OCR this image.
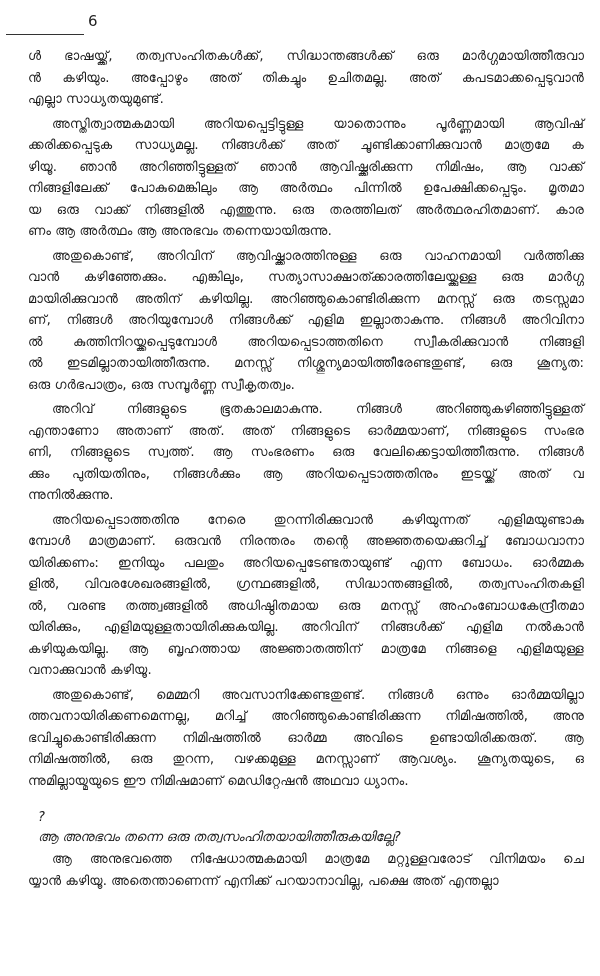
6
ൾ ഭാഷയ്ക്ക്, തത്വസംഹിതകൾക്ക്, സിദ്ധാന്തങ്ങൾക്ക് ഒരു മാർഗ്ഗമായിത്തീരുവാ
ൻ കഴിയും. അപ്പോഴും അത് തികച്ചും ഉചിതമല്ല. അത് കപടമാക്കപ്പെടുവാൻ
എല്ലാ സാധ്യതയുമുണ്ട്.
അസ്തിത്വാത്മകമായി അറിയപ്പെട്ടിട്ടുള്ള യാതൊന്നും പൂർണ്ണമായി ആവിഷ്
ക്കരിക്കപ്പെടുക സാധ്യമല്ല. നിങ്ങൾക്ക് അത് ചൂണ്ടിക്കാണിക്കുവാൻ മാത്രമേ ക
ഴിയൂ. ഞാൻ അറിഞ്ഞിട്ടുള്ളത് ഞാൻ ആവിഷ്ക്കരിക്കുന്ന നിമിഷം, ആ വാക്ക്
നിങ്ങളിലേക്ക് പോകുമെങ്കിലും ആ അർത്ഥം പിന്നിൽ ഉപേക്ഷിക്കപ്പെടും. മൃതമാ
യ ഒരു വാക്ക് നിങ്ങളിൽ എത്തുന്നു. ഒരു തരത്തിലത് അർത്ഥരഹിതമാണ്. കാര
ണം ആ അർത്ഥം ആ അനുഭവം തന്നെയായിരുന്നു.
അതുകൊണ്ട്, അറിവിന് ആവിഷ്ക്കാരത്തിനുള്ള ഒരു വാഹനമായി വർത്തിക്കു
വാൻ കഴിഞ്ഞേക്കും. എങ്കിലും, സത്യാസാക്ഷാത്ക്കാരത്തിലേയ്ക്കുള്ള ഒരു മാർഗ്ഗ
മായിരിക്കുവാൻ അതിന് കഴിയില്ല. അറിഞ്ഞുകൊണ്ടിരിക്കുന്ന മനസ്സ് ഒരു തടസ്സമാ
ണ്, നിങ്ങൾ അറിയുമ്പോൾ നിങ്ങൾക്ക് എളിമ ഇല്ലാതാകുന്നു. നിങ്ങൾ അറിവിനാ
ൽ കുത്തിനിറയ്ക്കപ്പെടുമ്പോൾ അറിയപ്പെടാത്തതിനെ സ്വീകരിക്കുവാൻ നിങ്ങളി
ൽ ഇടമില്ലാതായിത്തീരുന്നു. മനസ്സ് നിശ്ശൂന്യമായിത്തീരേണ്ടതുണ്ട്, ഒരു ശൂന്യത:
ഒരു ഗർഭപാത്രം, ഒരു സമ്പൂർണ്ണ സ്വീകൃതത്വം.
അറിവ് നിങ്ങളുടെ ഭൂതകാലമാകുന്നു. നിങ്ങൾ അറിഞ്ഞുകഴിഞ്ഞിട്ടുള്ളത്
എന്താണോ അതാണ് അത്. അത് നിങ്ങളുടെ ഓർമ്മയാണ്, നിങ്ങളുടെ സംഭര
ണി, നിങ്ങളുടെ സ്വത്ത്. ആ സംഭരണം ഒരു വേലിക്കെട്ടായിത്തീരുന്നു. നിങ്ങൾ
ക്കും പുതിയതിനും, നിങ്ങൾക്കും ആ അറിയപ്പെടാത്തതിനും ഇടയ്ക്ക് അത് വ
ന്നുനിൽക്കുന്നു.
അറിയപ്പെടാത്തതിനു നേരെ തുറന്നിരിക്കുവാൻ കഴിയുന്നത് എളിമയുണ്ടാകു
മ്പോൾ മാത്രമാണ്. ഒരുവൻ നിരന്തരം തന്റെ അജ്ഞതയെക്കുറിച്ച് ബോധവാനാ
യിരിക്കണം: ഇനിയും പലതും അറിയപ്പെടേണ്ടതായുണ്ട് എന്ന ബോധം. ഓർമ്മക
ളിൽ, വിവരശേഖരങ്ങളിൽ, ഗ്രന്ഥങ്ങളിൽ, സിദ്ധാന്തങ്ങളിൽ, തത്വസംഹിതകളി
ൽ, വരണ്ട തത്ത്വങ്ങളിൽ അധിഷ്ഠിതമായ ഒരു മനസ്സ് അഹംബോധകേന്ദ്രീതമാ
യിരിക്കും, എളിമയുള്ളതായിരിക്കുകയില്ല. അറിവിന് നിങ്ങൾക്ക് എളിമ നൽകാൻ
കഴിയുകയില്ല. ആ ബൃഹത്തായ അജ്ഞാതത്തിന് മാത്രമേ നിങ്ങളെ എളിമയുള്ള
വനാക്കുവാൻ കഴിയൂ.
അതുകൊണ്ട്, മെമ്മറി അവസാനിക്കേണ്ടതുണ്ട്. നിങ്ങൾ ഒന്നും ഓർമ്മയില്ലാ
ത്തവനായിരിക്കണമെന്നല്ല, മറിച്ച് അറിഞ്ഞുകൊണ്ടിരിക്കുന്ന നിമിഷത്തിൽ, അനു
ഭവിച്ചുകൊണ്ടിരിക്കുന്ന നിമിഷത്തിൽ ഓർമ്മ അവിടെ ഉണ്ടായിരിക്കരുത്. ആ
നിമിഷത്തിൽ, ഒരു തുറന്ന, വഴക്കമുള്ള മനസ്സാണ് ആവശ്യം. ശൂന്യതയുടെ, ഒ
ന്നുമില്ലായ്മയുടെ ഈ നിമിഷമാണ് മെഡിറ്റേഷൻ അഥവാ ധ്യാനം.
?
ആ അനുഭവം തന്നെ ഒരു തത്വസംഹിതയായിത്തീരുകയില്ലേ?
ആ അനുഭവത്തെ നിഷേധാത്മകമായി മാത്രമേ മറ്റുള്ളവരോട് വിനിമയം ചെ
യ്യാൻ കഴിയൂ. അതെന്താണെന്ന് എനിക്ക് പറയാനാവില്ല, പക്ഷെ അത് എന്തല്ലാ
